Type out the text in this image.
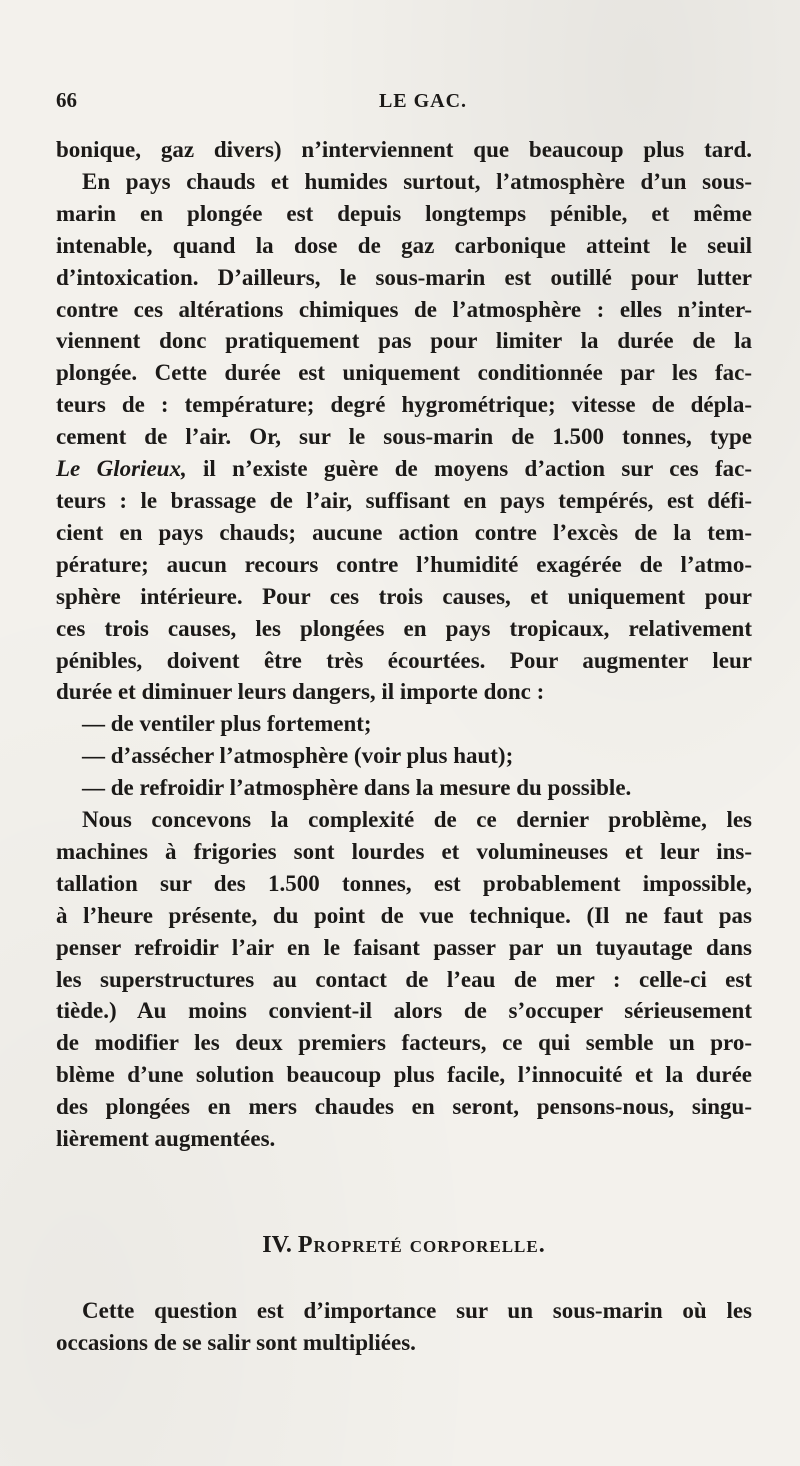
66	LE GAC.

bonique, gaz divers) n’interviennent que beaucoup plus tard.
En pays chauds et humides surtout, l’atmosphère d’un sous-
marin en plongée est depuis longtemps pénible, et même
intenable, quand la dose de gaz carbonique atteint le seuil
d’intoxication. D’ailleurs, le sous-marin est outillé pour lutter
contre ces altérations chimiques de l’atmosphère : elles n’inter-
viennent donc pratiquement pas pour limiter la durée de la
plongée. Cette durée est uniquement conditionnée par les fac-
teurs de : température; degré hygrométrique; vitesse de dépla-
cement de l’air. Or, sur le sous-marin de 1.500 tonnes, type
Le Glorieux, il n’existe guère de moyens d’action sur ces fac-
teurs : le brassage de l’air, suffisant en pays tempérés, est défi-
cient en pays chauds; aucune action contre l’excès de la tem-
pérature; aucun recours contre l’humidité exagérée de l’atmo-
sphère intérieure. Pour ces trois causes, et uniquement pour
ces trois causes, les plongées en pays tropicaux, relativement
pénibles, doivent être très écourtées. Pour augmenter leur
durée et diminuer leurs dangers, il importe donc :

— de ventiler plus fortement;
— d’assécher l’atmosphère (voir plus haut);
— de refroidir l’atmosphère dans la mesure du possible.

Nous concevons la complexité de ce dernier problème, les
machines à frigories sont lourdes et volumineuses et leur ins-
tallation sur des 1.500 tonnes, est probablement impossible,
à l’heure présente, du point de vue technique. (Il ne faut pas
penser refroidir l’air en le faisant passer par un tuyautage dans
les superstructures au contact de l’eau de mer : celle-ci est
tiède.) Au moins convient-il alors de s’occuper sérieusement
de modifier les deux premiers facteurs, ce qui semble un pro-
blème d’une solution beaucoup plus facile, l’innocuité et la durée
des plongées en mers chaudes en seront, pensons-nous, singu-
lièrement augmentées.

IV. Propreté corporelle.
Cette question est d’importance sur un sous-marin où les
occasions de se salir sont multipliées.
